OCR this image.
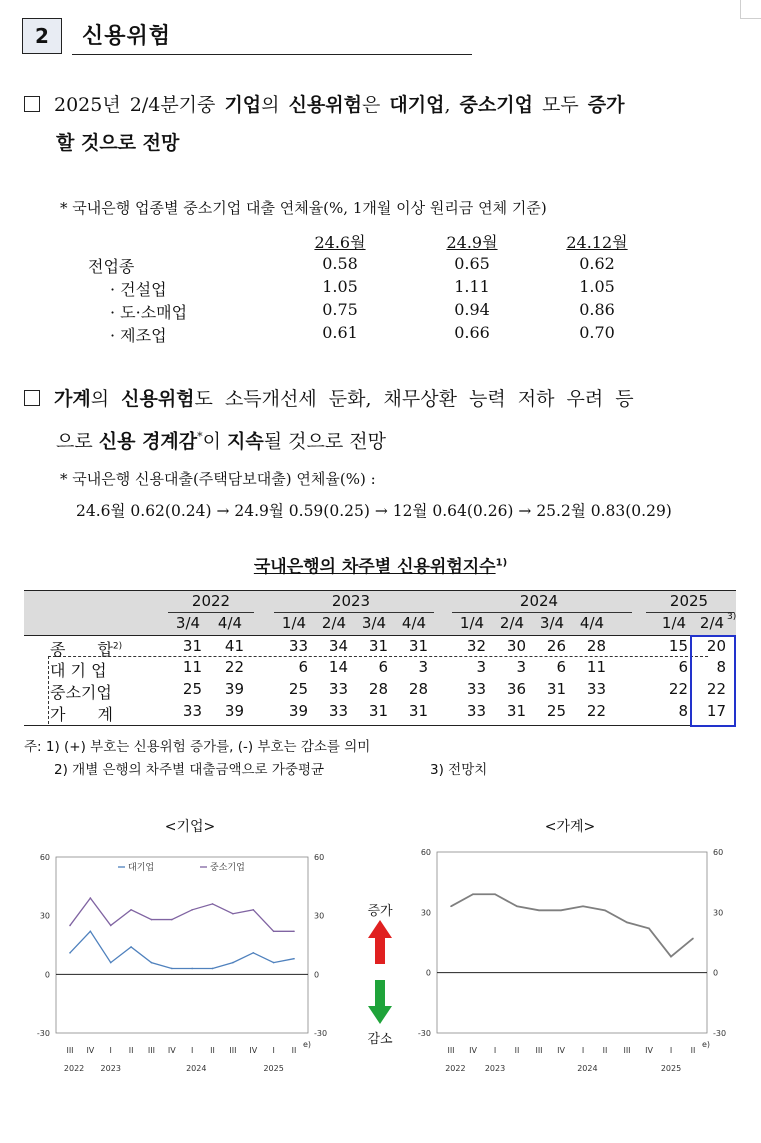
2	신용위험
2025년 2/4분기중 기업의 신용위험은 대기업, 중소기업 모두 증가
할 것으로 전망
* 국내은행 업종별 중소기업 대출 연체율(%, 1개월 이상 원리금 연체 기준)
24.6월	24.9월	24.12월
전업종	0.58	0.65	0.62
· 건설업	1.05	1.11	1.05
· 도·소매업	0.75	0.94	0.86
· 제조업	0.61	0.66	0.70
가계의 신용위험도 소득개선세 둔화, 채무상환 능력 저하 우려 등
으로 신용 경계감*이 지속될 것으로 전망
* 국내은행 신용대출(주택담보대출) 연체율(%) :
24.6월 0.62(0.24) → 24.9월 0.59(0.25) → 12월 0.64(0.26) → 25.2월 0.83(0.29)
국내은행의 차주별 신용위험지수$^{1)}$
2022	2023	2024	2025
3/4	4/4	1/4	2/4	3/4	4/4	1/4	2/4	3/4	4/4	1/4 2/4 3)
종　　합$^{2)}$	31	41	33	34	31	31	32	30	26	28	15	20
대 기 업	11	22	6	14	6	3	3	3	6	11	6	8
중소기업	25	39	25	33	28	28	33	36	31	33	22	22
가　　계	33	39	39	33	31	31	33	31	25	22	8	17
주: 1) (+) 부호는 신용위험 증가를, (-) 부호는 감소를 의미
2) 개별 은행의 차주별 대출금액으로 가중평균	3) 전망치
<기업>	<가계>
60	60
30	30
0	0
-30	-30
III IV I II III IV I II III IV I II
e)
2022 2023	2024	2025
대기업	중소기업
60	60
30	30
0	0
-30	-30
III IV I II III IV I II III IV I II
e)
2022 2023	2024	2025
증가
감소
